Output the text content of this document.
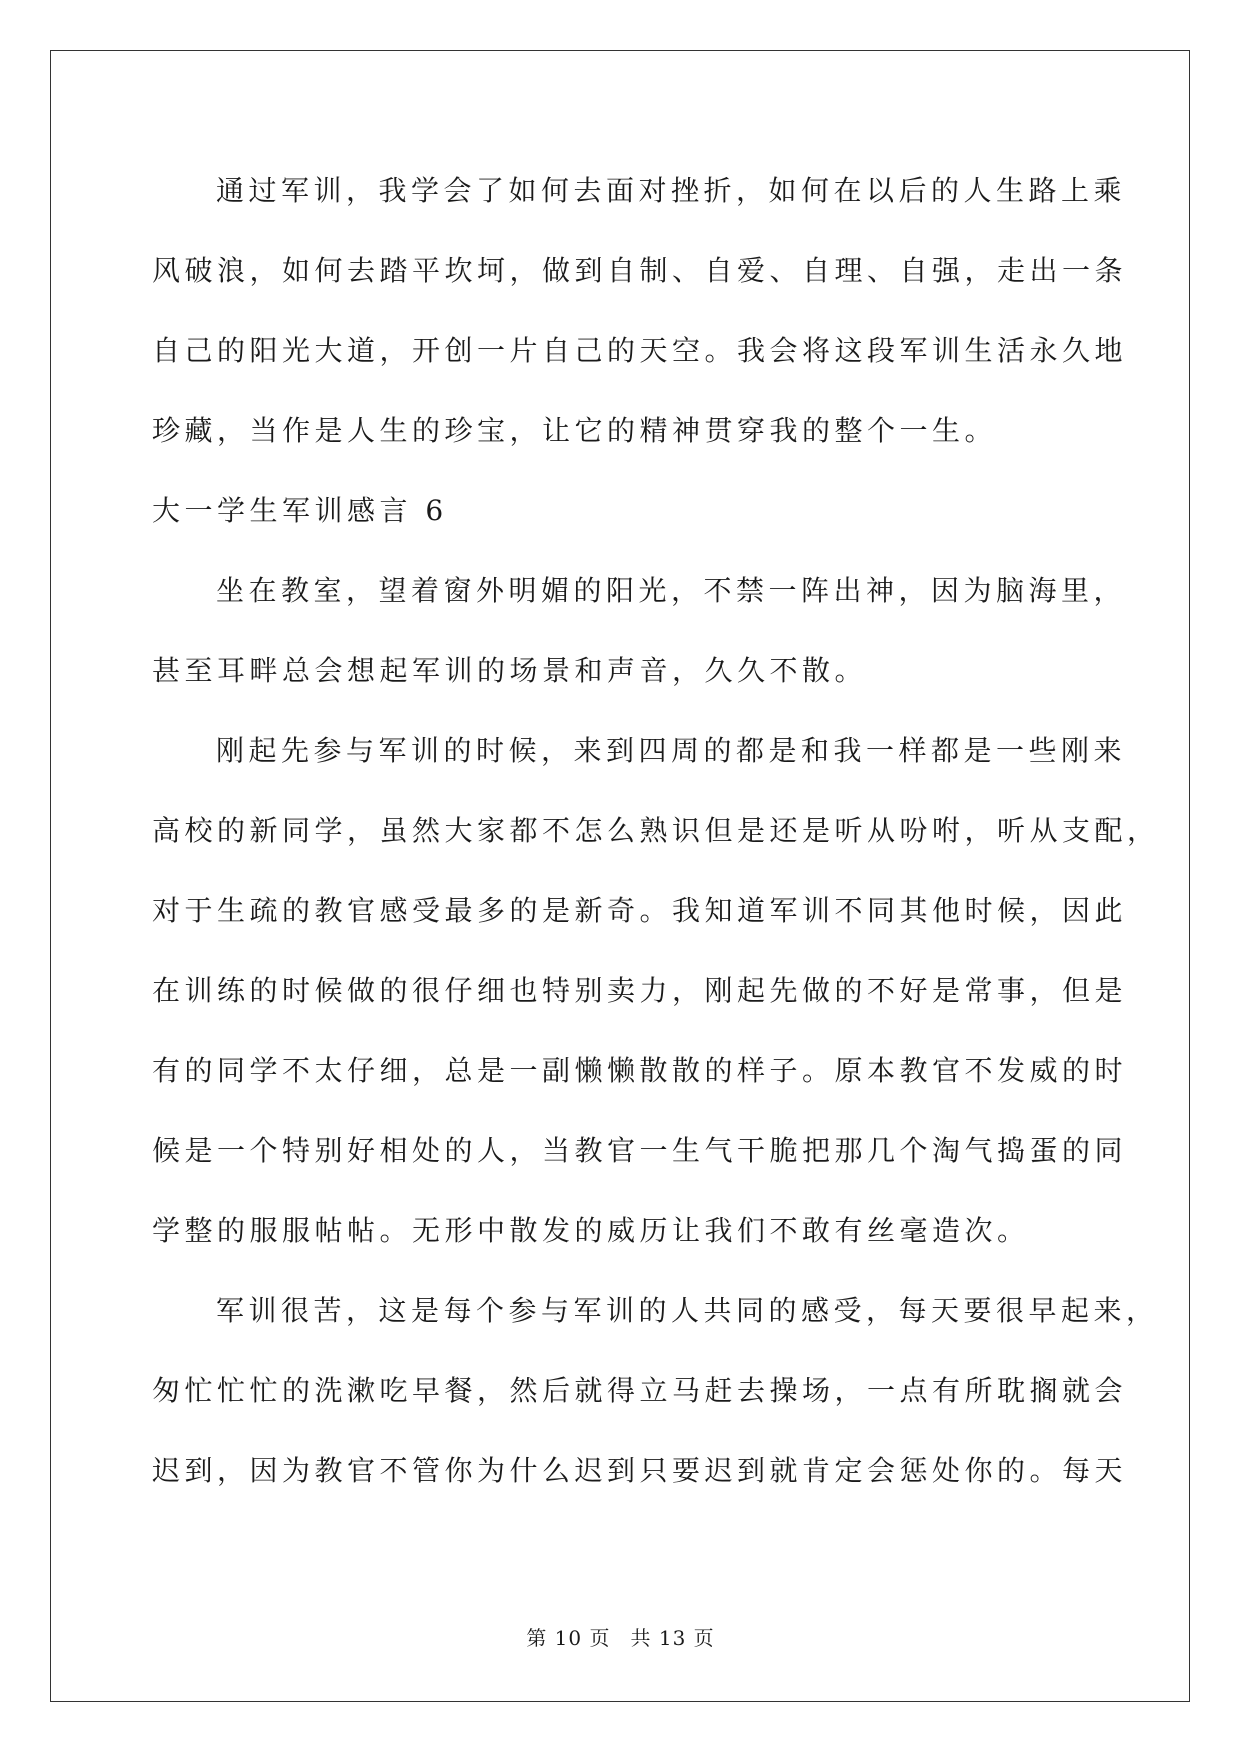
通过军训，我学会了如何去面对挫折，如何在以后的人生路上乘
风破浪，如何去踏平坎坷，做到自制、自爱、自理、自强，走出一条
自己的阳光大道，开创一片自己的天空。我会将这段军训生活永久地
珍藏，当作是人生的珍宝，让它的精神贯穿我的整个一生。
大一学生军训感言 6
坐在教室，望着窗外明媚的阳光，不禁一阵出神，因为脑海里，
甚至耳畔总会想起军训的场景和声音，久久不散。
刚起先参与军训的时候，来到四周的都是和我一样都是一些刚来
高校的新同学，虽然大家都不怎么熟识但是还是听从吩咐，听从支配，
对于生疏的教官感受最多的是新奇。我知道军训不同其他时候，因此
在训练的时候做的很仔细也特别卖力，刚起先做的不好是常事，但是
有的同学不太仔细，总是一副懒懒散散的样子。原本教官不发威的时
候是一个特别好相处的人，当教官一生气干脆把那几个淘气捣蛋的同
学整的服服帖帖。无形中散发的威历让我们不敢有丝毫造次。
军训很苦，这是每个参与军训的人共同的感受，每天要很早起来，
匆忙忙忙的洗漱吃早餐，然后就得立马赶去操场，一点有所耽搁就会
迟到，因为教官不管你为什么迟到只要迟到就肯定会惩处你的。每天
第 10 页 共 13 页
